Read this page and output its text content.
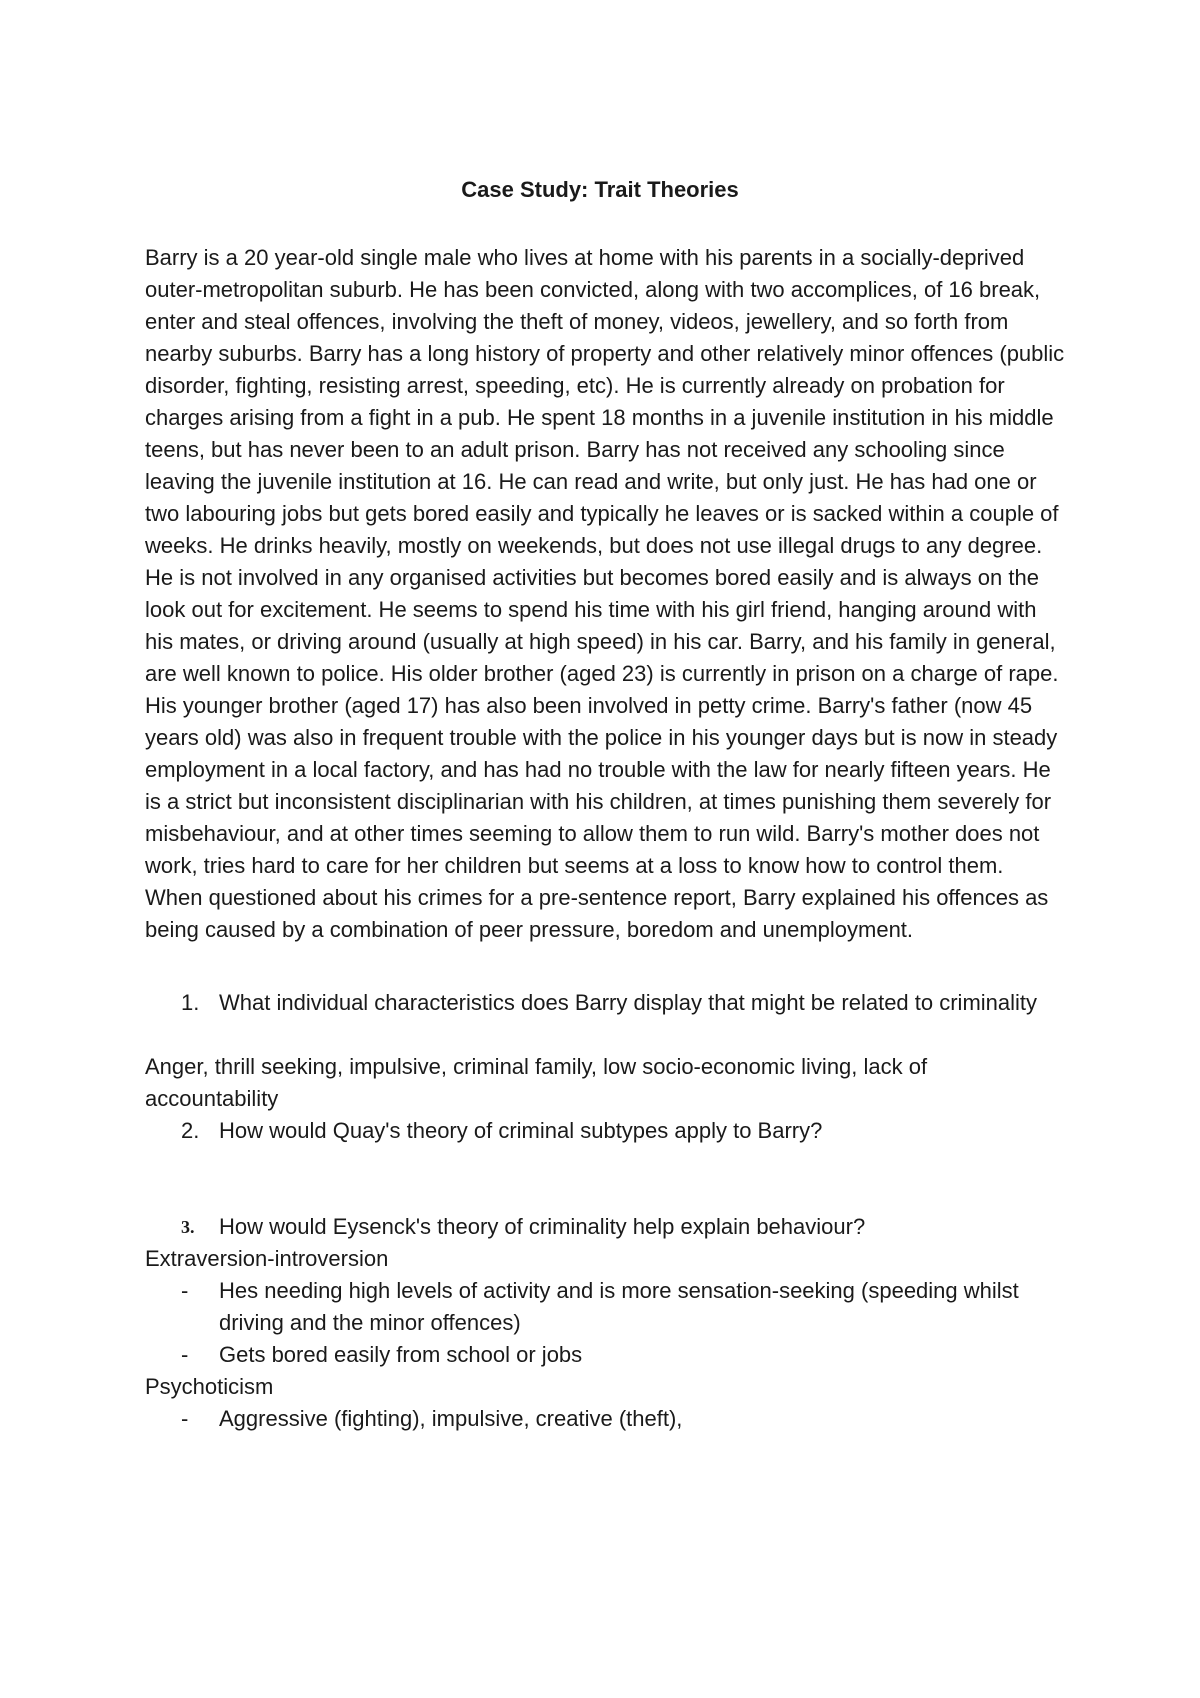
Case Study: Trait Theories

Barry is a 20 year-old single male who lives at home with his parents in a socially-deprived outer-metropolitan suburb. He has been convicted, along with two accomplices, of 16 break, enter and steal offences, involving the theft of money, videos, jewellery, and so forth from nearby suburbs. Barry has a long history of property and other relatively minor offences (public disorder, fighting, resisting arrest, speeding, etc). He is currently already on probation for charges arising from a fight in a pub. He spent 18 months in a juvenile institution in his middle teens, but has never been to an adult prison. Barry has not received any schooling since leaving the juvenile institution at 16. He can read and write, but only just. He has had one or two labouring jobs but gets bored easily and typically he leaves or is sacked within a couple of weeks. He drinks heavily, mostly on weekends, but does not use illegal drugs to any degree. He is not involved in any organised activities but becomes bored easily and is always on the look out for excitement. He seems to spend his time with his girl friend, hanging around with his mates, or driving around (usually at high speed) in his car. Barry, and his family in general, are well known to police. His older brother (aged 23) is currently in prison on a charge of rape. His younger brother (aged 17) has also been involved in petty crime. Barry's father (now 45 years old) was also in frequent trouble with the police in his younger days but is now in steady employment in a local factory, and has had no trouble with the law for nearly fifteen years. He is a strict but inconsistent disciplinarian with his children, at times punishing them severely for misbehaviour, and at other times seeming to allow them to run wild. Barry's mother does not work, tries hard to care for her children but seems at a loss to know how to control them. When questioned about his crimes for a pre-sentence report, Barry explained his offences as being caused by a combination of peer pressure, boredom and unemployment.

1. What individual characteristics does Barry display that might be related to criminality

Anger, thrill seeking, impulsive, criminal family, low socio-economic living, lack of accountability

2. How would Quay's theory of criminal subtypes apply to Barry?
3. How would Eysenck's theory of criminality help explain behaviour?

Extraversion-introversion

- Hes needing high levels of activity and is more sensation-seeking (speeding whilst driving and the minor offences)
- Gets bored easily from school or jobs

Psychoticism

- Aggressive (fighting), impulsive, creative (theft),
